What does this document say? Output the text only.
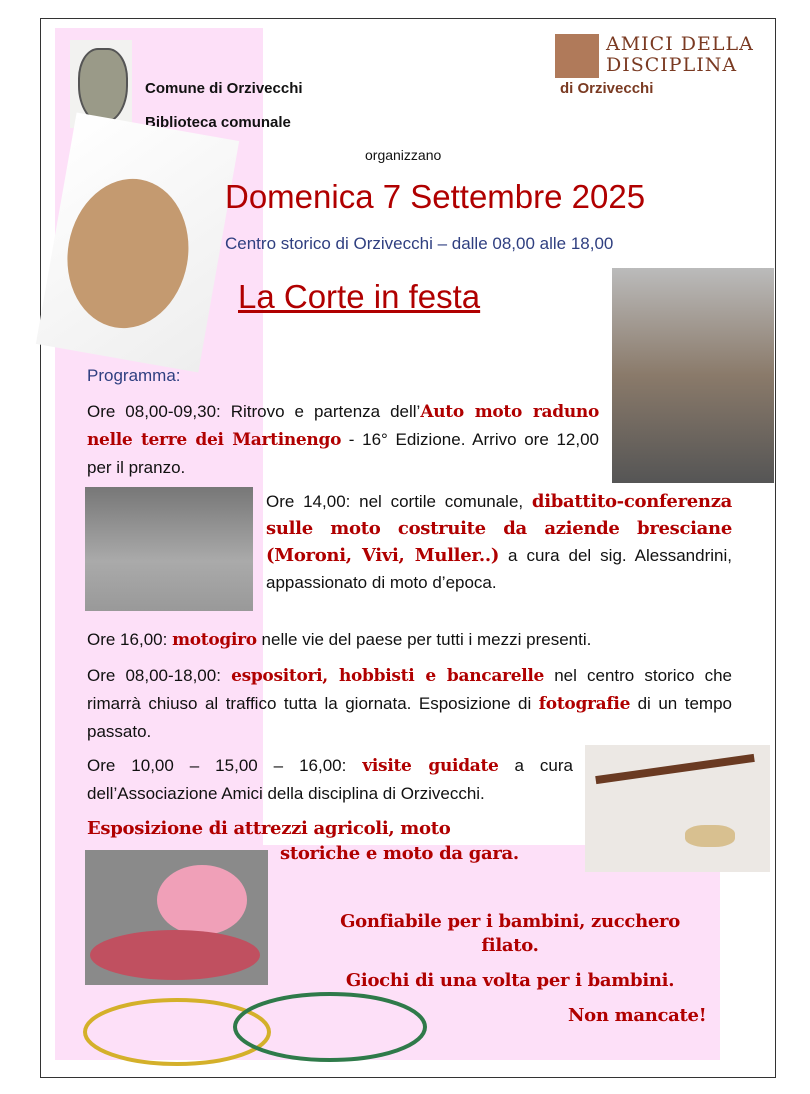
Comune di Orzivecchi
Biblioteca comunale
AMICI DELLA
DISCIPLINA
di Orzivecchi
organizzano
Domenica 7 Settembre 2025
Centro storico di Orzivecchi – dalle 08,00 alle 18,00
La Corte in festa
Programma:
Ore 08,00-09,30: Ritrovo e partenza dell’Auto moto raduno nelle terre dei Martinengo - 16° Edizione. Arrivo ore 12,00 per il pranzo.
Ore 14,00: nel cortile comunale, dibattito-conferenza sulle moto costruite da aziende bresciane (Moroni, Vivi, Muller..) a cura del sig. Alessandrini, appassionato di moto d’epoca.
Ore 16,00: motogiro nelle vie del paese per tutti i mezzi presenti.
Ore 08,00-18,00: espositori, hobbisti e bancarelle nel centro storico che rimarrà chiuso al traffico tutta la giornata. Esposizione di fotografie di un tempo passato.
Ore 10,00 – 15,00 – 16,00: visite guidate a cura dell’Associazione Amici della disciplina di Orzivecchi.
Esposizione di attrezzi agricoli, moto
storiche e moto da gara.
Gonfiabile per i bambini, zucchero
filato.
Giochi di una volta per i bambini.
Non mancate!
